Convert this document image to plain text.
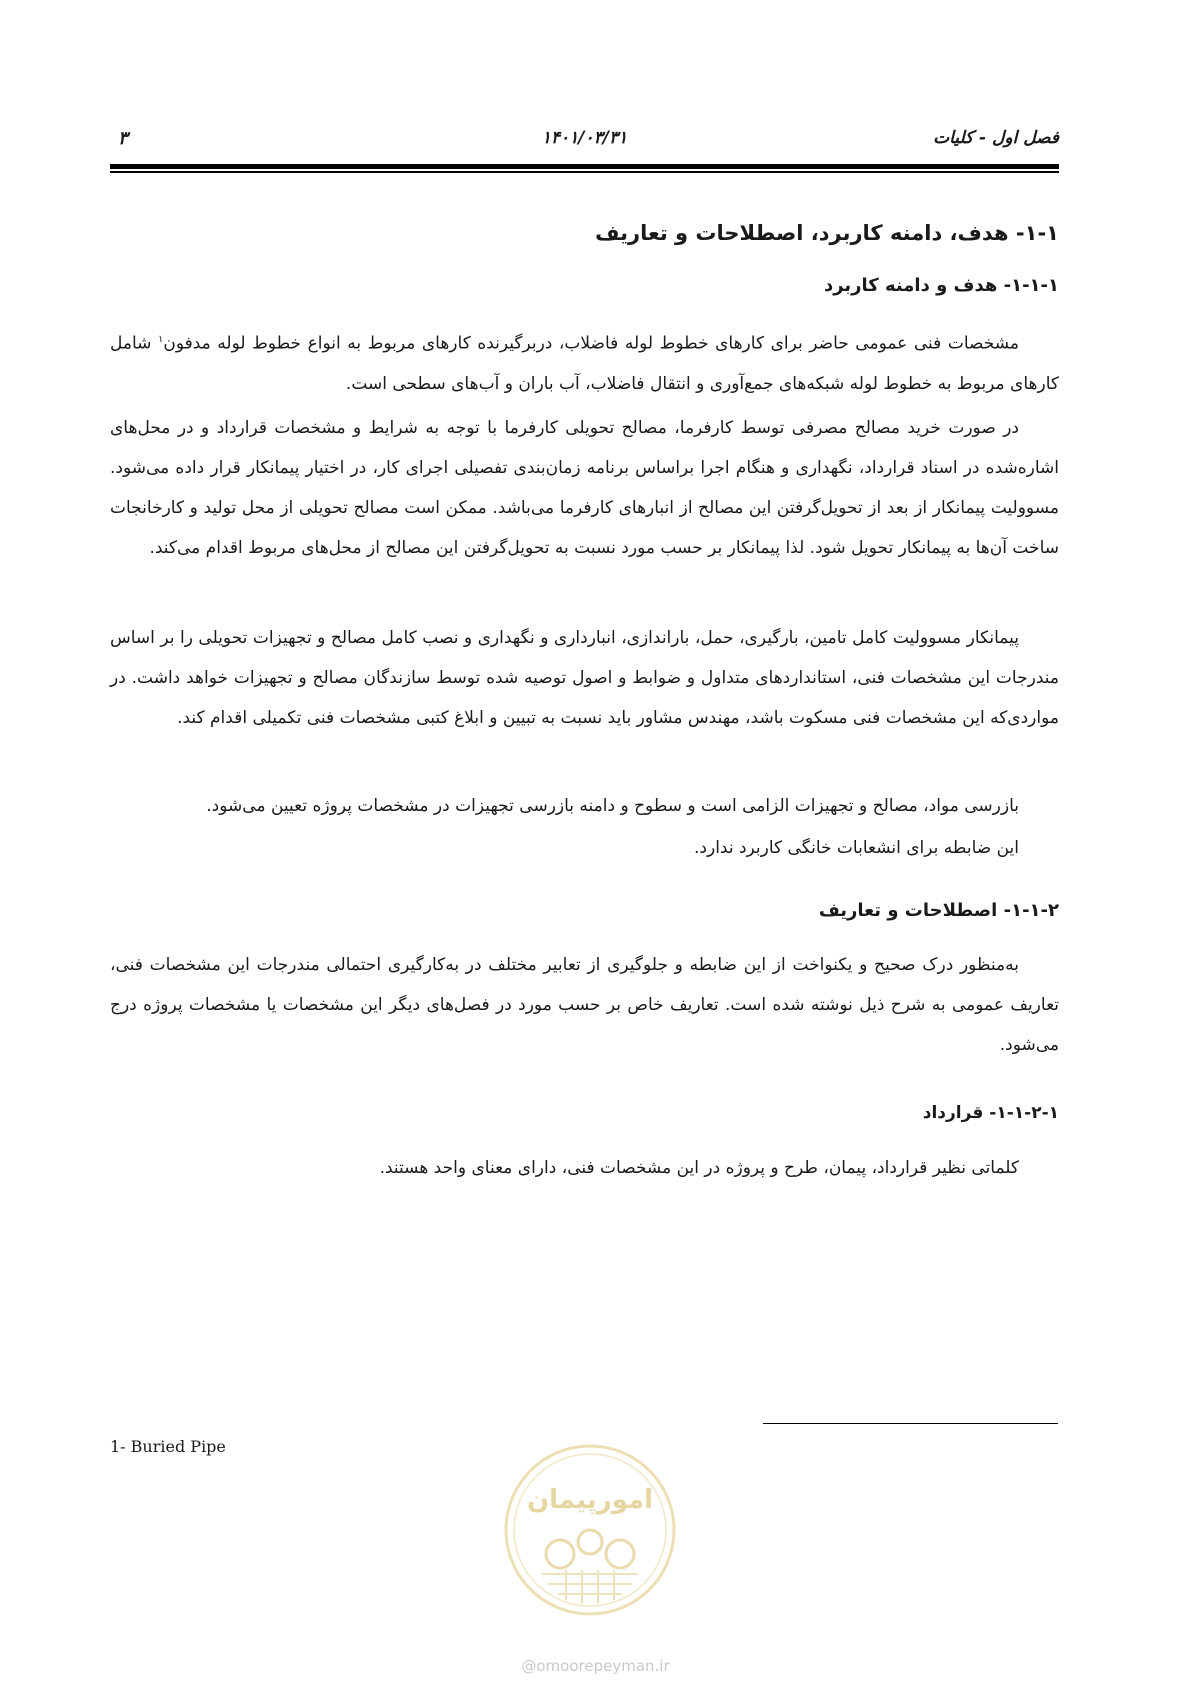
فصل اول - کلیات
۱۴۰۱/۰۳/۳۱
۳
۱-۱- هدف، دامنه کاربرد، اصطلاحات و تعاریف
۱-۱-۱- هدف و دامنه کاربرد
مشخصات فنی عمومی حاضر برای کارهای خطوط لوله فاضلاب، دربرگیرنده کارهای مربوط به انواع خطوط لوله مدفون$^۱$ شامل کارهای مربوط به خطوط لوله شبکه‌های جمع‌آوری و انتقال فاضلاب، آب باران و آب‌های سطحی است.
در صورت خرید مصالح مصرفی توسط کارفرما، مصالح تحویلی کارفرما با توجه به شرایط و مشخصات قرارداد و در محل‌های اشاره‌شده در اسناد قرارداد، نگهداری و هنگام اجرا براساس برنامه زمان‌بندی تفصیلی اجرای کار، در اختیار پیمانکار قرار داده می‌شود. مسوولیت پیمانکار از بعد از تحویل‌گرفتن این مصالح از انبارهای کارفرما می‌باشد. ممکن است مصالح تحویلی از محل تولید و کارخانجات ساخت آن‌ها به پیمانکار تحویل شود. لذا پیمانکار بر حسب مورد نسبت به تحویل‌گرفتن این مصالح از محل‌های مربوط اقدام می‌کند.
پیمانکار مسوولیت کامل تامین، بارگیری، حمل، باراندازی، انبارداری و نگهداری و نصب کامل مصالح و تجهیزات تحویلی را بر اساس مندرجات این مشخصات فنی، استانداردهای متداول و ضوابط و اصول توصیه شده توسط سازندگان مصالح و تجهیزات خواهد داشت. در مواردی‌که این مشخصات فنی مسکوت باشد، مهندس مشاور باید نسبت به تبیین و ابلاغ کتبی مشخصات فنی تکمیلی اقدام کند.
بازرسی مواد، مصالح و تجهیزات الزامی است و سطوح و دامنه بازرسی تجهیزات در مشخصات پروژه تعیین می‌شود.
این ضابطه برای انشعابات خانگی کاربرد ندارد.
۱-۱-۲- اصطلاحات و تعاریف
به‌منظور درک صحیح و یکنواخت از این ضابطه و جلوگیری از تعابیر مختلف در به‌کارگیری احتمالی مندرجات این مشخصات فنی، تعاریف عمومی به شرح ذیل نوشته شده است. تعاریف خاص بر حسب مورد در فصل‌های دیگر این مشخصات یا مشخصات پروژه درج می‌شود.
۱-۱-۲-۱- قرارداد
کلماتی نظیر قرارداد، پیمان، طرح و پروژه در این مشخصات فنی، دارای معنای واحد هستند.
1- Buried Pipe
امورپیمان
@omoorepeyman.ir
